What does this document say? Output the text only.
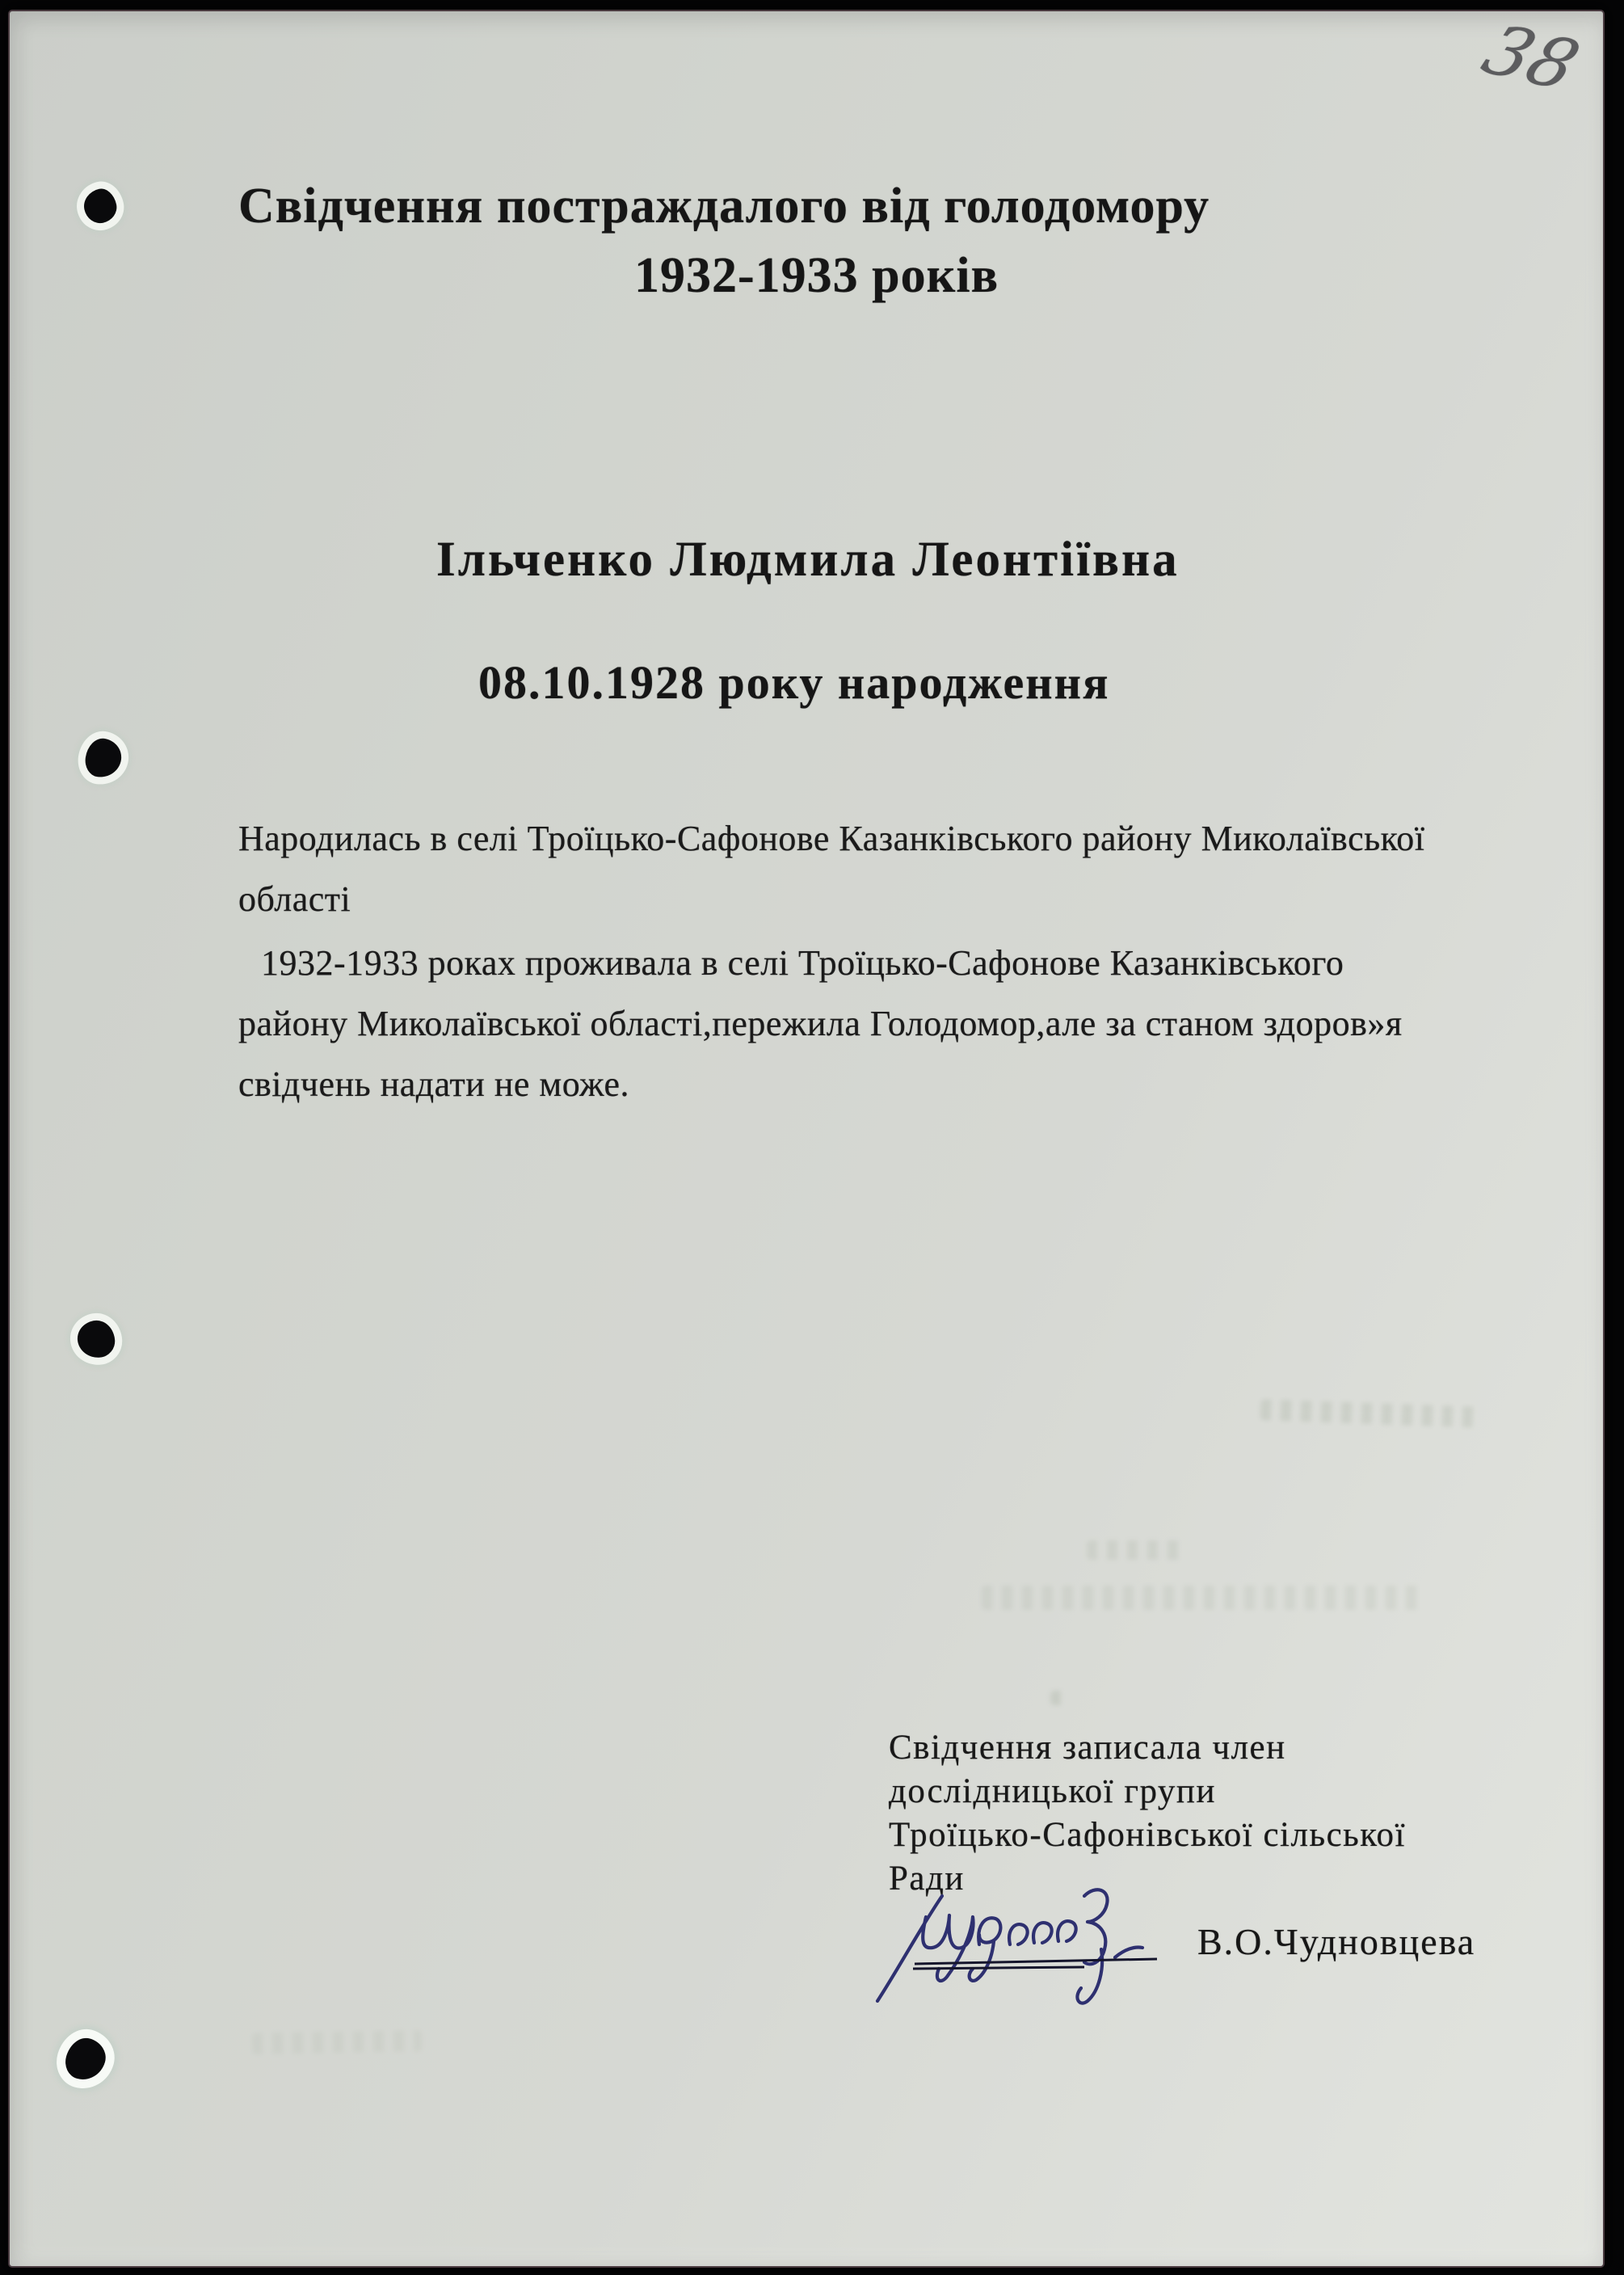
38
Свідчення постраждалого від голодомору
1932-1933 років
Ільченко Людмила Леонтіївна
08.10.1928 року народження
Народилась в селі Троїцько-Сафонове Казанківського району Миколаївської
області
1932-1933 роках проживала в селі Троїцько-Сафонове Казанківського
району Миколаївської області,пережила Голодомор,але за станом здоров»я
свідчень надати не може.
Свідчення записала член
дослідницької групи
Троїцько-Сафонівської сільської
Ради
В.О.Чудновцева
